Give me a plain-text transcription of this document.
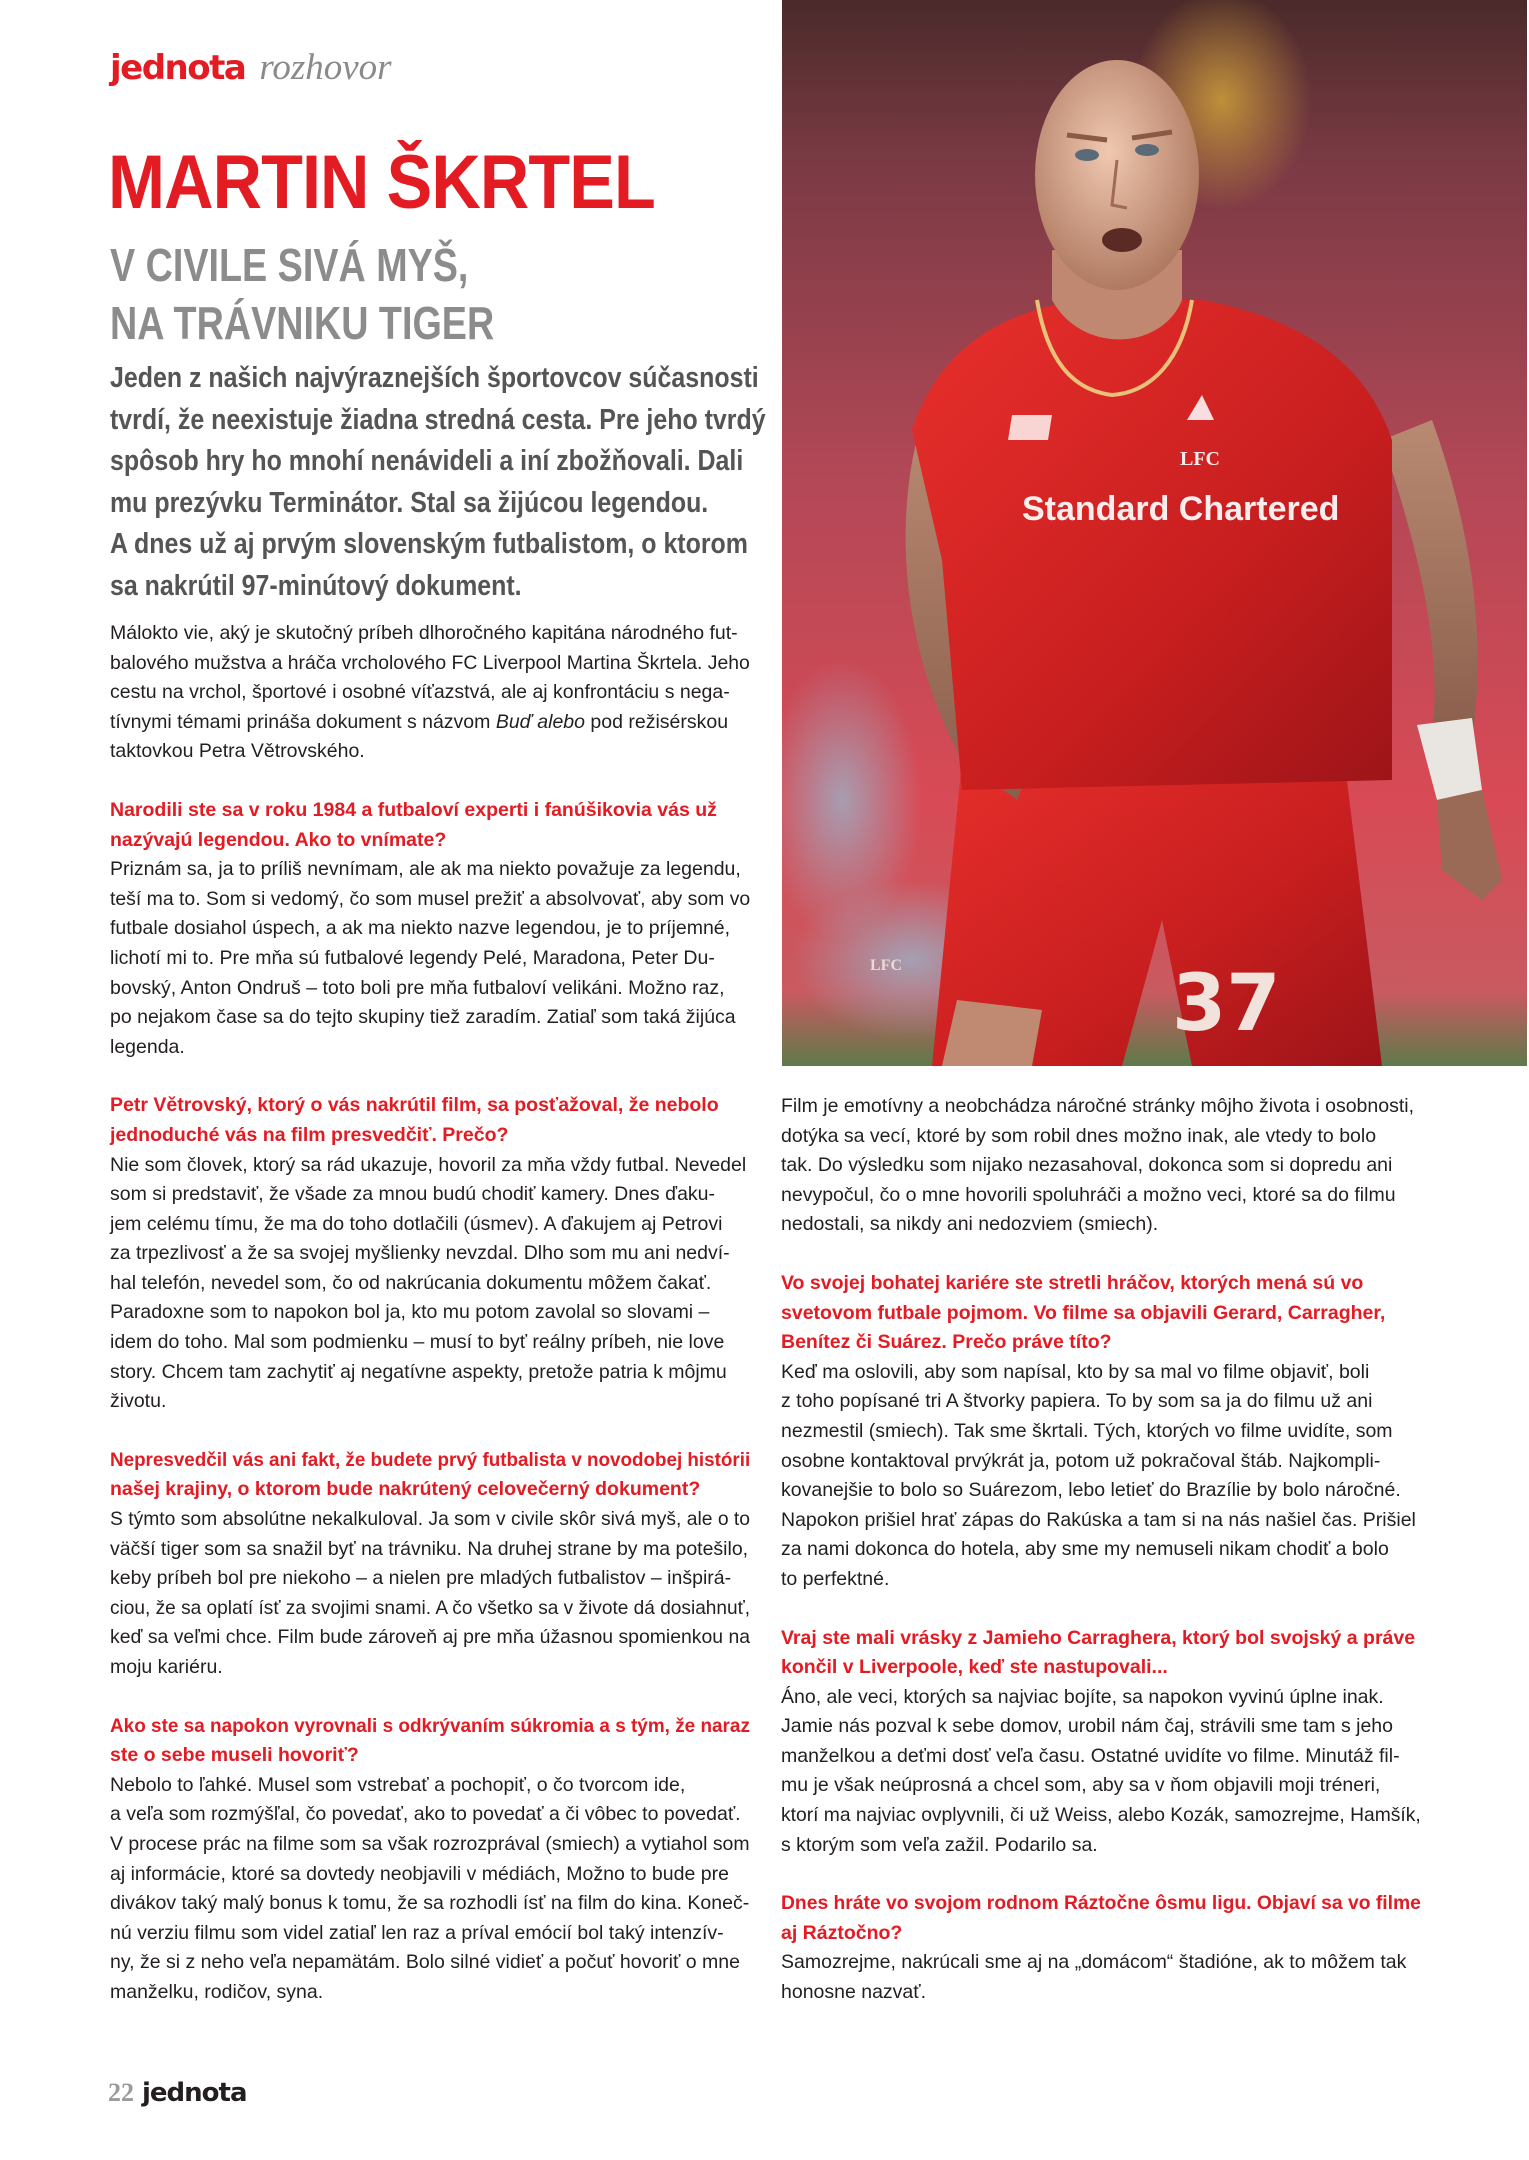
jednota rozhovor
MARTIN ŠKRTEL
V CIVILE SIVÁ MYŠ,
NA TRÁVNIKU TIGER

Jeden z našich najvýraznejších športovcov súčasnosti
tvrdí, že neexistuje žiadna stredná cesta. Pre jeho tvrdý
spôsob hry ho mnohí nenávideli a iní zbožňovali. Dali
mu prezývku Terminátor. Stal sa žijúcou legendou.
A dnes už aj prvým slovenským futbalistom, o ktorom
sa nakrútil 97-minútový dokument.

Málokto vie, aký je skutočný príbeh dlhoročného kapitána národného fut-
balového mužstva a hráča vrcholového FC Liverpool Martina Škrtela. Jeho
cestu na vrchol, športové i osobné víťazstvá, ale aj konfrontáciu s nega-
tívnymi témami prináša dokument s názvom Buď alebo pod režisérskou
taktovkou Petra Větrovského.

Narodili ste sa v roku 1984 a futbaloví experti i fanúšikovia vás už
nazývajú legendou. Ako to vnímate?

Priznám sa, ja to príliš nevnímam, ale ak ma niekto považuje za legendu,
teší ma to. Som si vedomý, čo som musel prežiť a absolvovať, aby som vo
futbale dosiahol úspech, a ak ma niekto nazve legendou, je to príjemné,
lichotí mi to. Pre mňa sú futbalové legendy Pelé, Maradona, Peter Du-
bovský, Anton Ondruš – toto boli pre mňa futbaloví velikáni. Možno raz,
po nejakom čase sa do tejto skupiny tiež zaradím. Zatiaľ som taká žijúca
legenda.

Petr Větrovský, ktorý o vás nakrútil film, sa posťažoval, že nebolo
jednoduché vás na film presvedčiť. Prečo?

Nie som človek, ktorý sa rád ukazuje, hovoril za mňa vždy futbal. Nevedel
som si predstaviť, že všade za mnou budú chodiť kamery. Dnes ďaku-
jem celému tímu, že ma do toho dotlačili (úsmev). A ďakujem aj Petrovi
za trpezlivosť a že sa svojej myšlienky nevzdal. Dlho som mu ani nedví-
hal telefón, nevedel som, čo od nakrúcania dokumentu môžem čakať.
Paradoxne som to napokon bol ja, kto mu potom zavolal so slovami –
idem do toho. Mal som podmienku – musí to byť reálny príbeh, nie love
story. Chcem tam zachytiť aj negatívne aspekty, pretože patria k môjmu
životu.

Nepresvedčil vás ani fakt, že budete prvý futbalista v novodobej histórii
našej krajiny, o ktorom bude nakrútený celovečerný dokument?

S týmto som absolútne nekalkuloval. Ja som v civile skôr sivá myš, ale o to
väčší tiger som sa snažil byť na trávniku. Na druhej strane by ma potešilo,
keby príbeh bol pre niekoho – a nielen pre mladých futbalistov – inšpirá-
ciou, že sa oplatí ísť za svojimi snami. A čo všetko sa v živote dá dosiahnuť,
keď sa veľmi chce. Film bude zároveň aj pre mňa úžasnou spomienkou na
moju kariéru.

Ako ste sa napokon vyrovnali s odkrývaním súkromia a s tým, že naraz
ste o sebe museli hovoriť?

Nebolo to ľahké. Musel som vstrebať a pochopiť, o čo tvorcom ide,
a veľa som rozmýšľal, čo povedať, ako to povedať a či vôbec to povedať.
V procese prác na filme som sa však rozrozprával (smiech) a vytiahol som
aj informácie, ktoré sa dovtedy neobjavili v médiách, Možno to bude pre
divákov taký malý bonus k tomu, že sa rozhodli ísť na film do kina. Koneč-
nú verziu filmu som videl zatiaľ len raz a príval emócií bol taký intenzív-
ny, že si z neho veľa nepamätám. Bolo silné vidieť a počuť hovoriť o mne
manželku, rodičov, syna.

Standard Chartered
LFC
37
LFC

Film je emotívny a neobchádza náročné stránky môjho života i osobnosti,
dotýka sa vecí, ktoré by som robil dnes možno inak, ale vtedy to bolo
tak. Do výsledku som nijako nezasahoval, dokonca som si dopredu ani
nevypočul, čo o mne hovorili spoluhráči a možno veci, ktoré sa do filmu
nedostali, sa nikdy ani nedozviem (smiech).

Vo svojej bohatej kariére ste stretli hráčov, ktorých mená sú vo
svetovom futbale pojmom. Vo filme sa objavili Gerard, Carragher,
Benítez či Suárez. Prečo práve títo?

Keď ma oslovili, aby som napísal, kto by sa mal vo filme objaviť, boli
z toho popísané tri A štvorky papiera. To by som sa ja do filmu už ani
nezmestil (smiech). Tak sme škrtali. Tých, ktorých vo filme uvidíte, som
osobne kontaktoval prvýkrát ja, potom už pokračoval štáb. Najkompli-
kovanejšie to bolo so Suárezom, lebo letieť do Brazílie by bolo náročné.
Napokon prišiel hrať zápas do Rakúska a tam si na nás našiel čas. Prišiel
za nami dokonca do hotela, aby sme my nemuseli nikam chodiť a bolo
to perfektné.

Vraj ste mali vrásky z Jamieho Carraghera, ktorý bol svojský a práve
končil v Liverpoole, keď ste nastupovali...

Áno, ale veci, ktorých sa najviac bojíte, sa napokon vyvinú úplne inak.
Jamie nás pozval k sebe domov, urobil nám čaj, strávili sme tam s jeho
manželkou a deťmi dosť veľa času. Ostatné uvidíte vo filme. Minutáž fil-
mu je však neúprosná a chcel som, aby sa v ňom objavili moji tréneri,
ktorí ma najviac ovplyvnili, či už Weiss, alebo Kozák, samozrejme, Hamšík,
s ktorým som veľa zažil. Podarilo sa.

Dnes hráte vo svojom rodnom Ráztočne ôsmu ligu. Objaví sa vo filme
aj Ráztočno?

Samozrejme, nakrúcali sme aj na „domácom“ štadióne, ak to môžem tak
honosne nazvať.

22 jednota
